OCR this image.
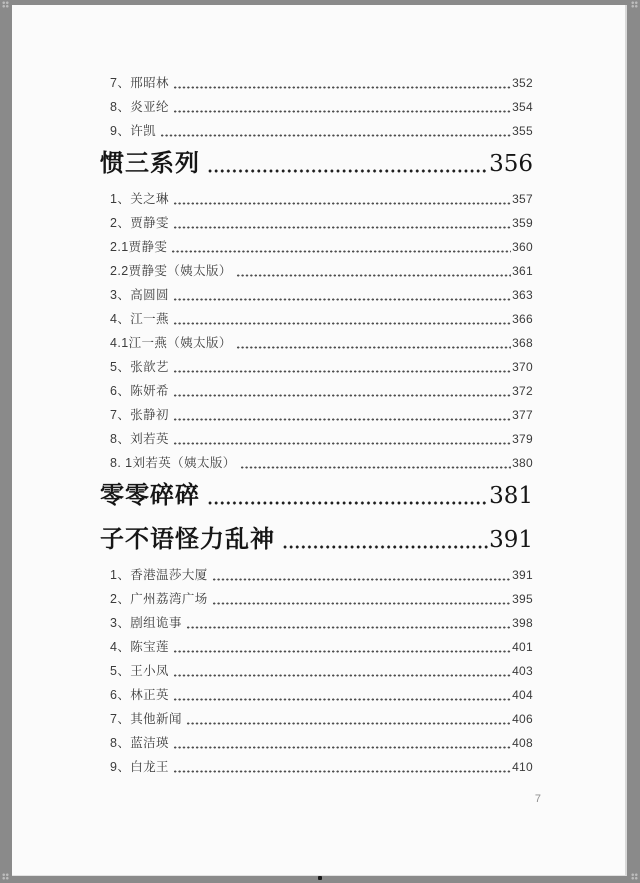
7、邢昭林	352
8、炎亚纶	354
9、许凯	355
惯三系列	356
1、关之琳	357
2、贾静雯	359
2.1贾静雯	360
2.2贾静雯（姨太版）	361
3、高圆圆	363
4、江一燕	366
4.1江一燕（姨太版）	368
5、张歆艺	370
6、陈妍希	372
7、张静初	377
8、刘若英	379
8. 1刘若英（姨太版）	380
零零碎碎	381
子不语怪力乱神	391
1、香港温莎大厦	391
2、广州荔湾广场	395
3、剧组诡事	398
4、陈宝莲	401
5、王小凤	403
6、林正英	404
7、其他新闻	406
8、蓝洁瑛	408
9、白龙王	410
7
